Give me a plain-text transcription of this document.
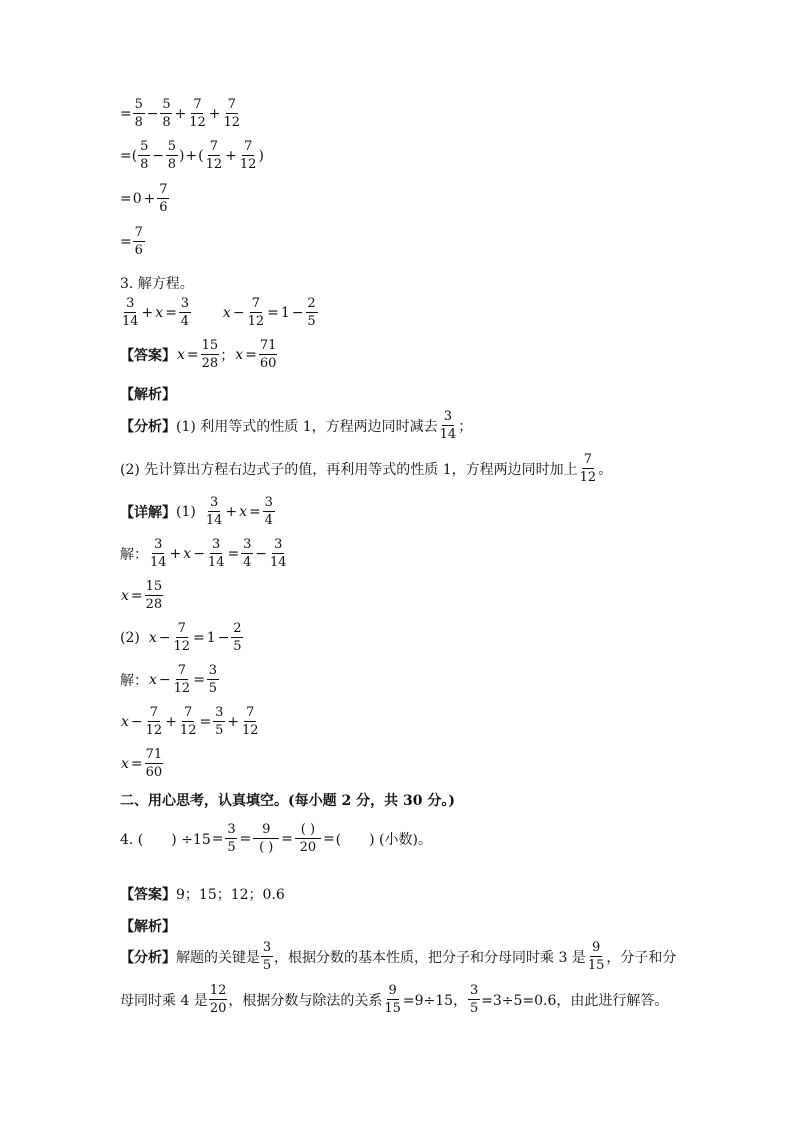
= $\frac{5}{8} - \frac{5}{8} + \frac{7}{12} + \frac{7}{12}$
= ( $\frac{5}{8} - \frac{5}{8}$ ) + ( $\frac{7}{12} + \frac{7}{12}$ )
= $0 + \frac{7}{6}$
= $\frac{7}{6}$
3. 解方程。
$\frac{3}{14} + x = \frac{3}{4}$ $x - \frac{7}{12} = 1 - \frac{2}{5}$
【答案】 $x = \frac{15}{28}$ ； $x = \frac{71}{60}$
【解析】
【分析】 (1) 利用等式的性质 1，方程两边同时减去 $\frac{3}{14}$ ；
(2) 先计算出方程右边式子的值，再利用等式的性质 1，方程两边同时加上 $\frac{7}{12}$ 。
【详解】 $(1) \frac{3}{14} + x = \frac{3}{4}$
解： $\frac{3}{14} + x - \frac{3}{14} = \frac{3}{4} - \frac{3}{14}$
$x = \frac{15}{28}$
(2) $x - \frac{7}{12} = 1 - \frac{2}{5}$
解： $x - \frac{7}{12} = \frac{3}{5}$
$x - \frac{7}{12} + \frac{7}{12} = \frac{3}{5} + \frac{7}{12}$
$x = \frac{71}{60}$
二、用心思考，认真填空。(每小题 2 分，共 30 分。)
4. (　　) $\div 15 = \frac{3}{5} = \frac{9}{( )} = \frac{( )}{20}$ = (　　) (小数)。
【答案】 9；15；12；0.6
【解析】
【分析】 解题的关键是 $\frac{3}{5}$ ，根据分数的基本性质，把分子和分母同时乘 3 是 $\frac{9}{15}$ ，分子和分
母同时乘 4 是 $\frac{12}{20}$ ，根据分数与除法的关系 $\frac{9}{15} =9\div 15$， $\frac{3}{5} =3\div 5=0.6$，由此进行解答。
